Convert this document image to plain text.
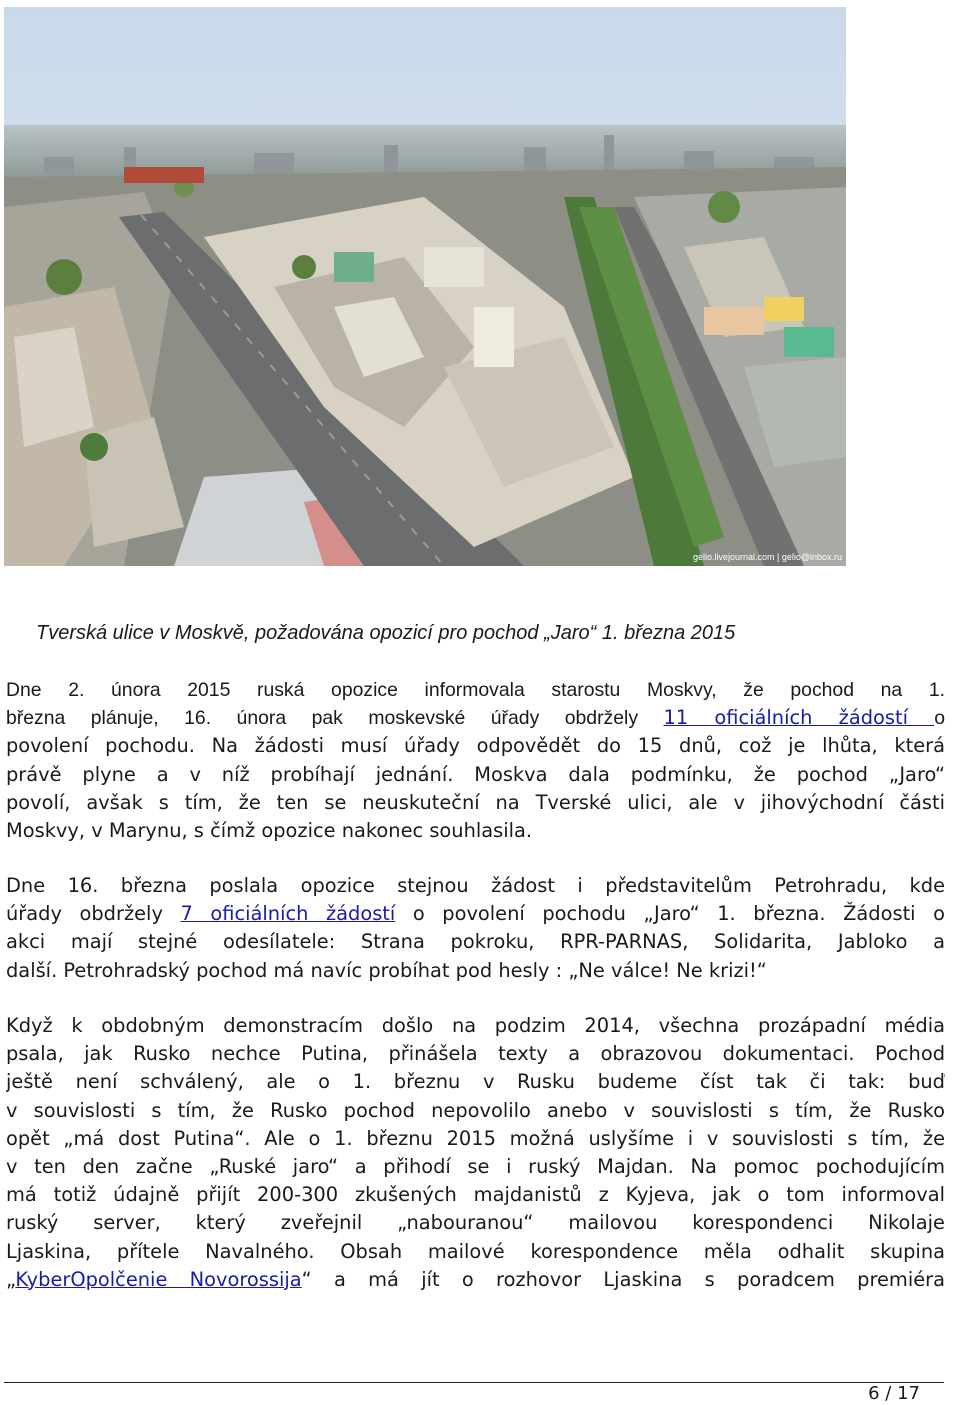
gelio.livejournal.com | gelio@inbox.ru
Tverská ulice v Moskvě, požadována opozicí pro pochod „Jaro“ 1. března 2015
Dne 2. února 2015 ruská opozice informovala starostu Moskvy, že pochod na 1.
března plánuje, 16. února pak moskevské úřady obdržely 11 oficiálních žádostí o
povolení pochodu. Na žádosti musí úřady odpovědět do 15 dnů, což je lhůta, která
právě plyne a v níž probíhají jednání. Moskva dala podmínku, že pochod „Jaro“
povolí, avšak s tím, že ten se neuskuteční na Tverské ulici, ale v jihovýchodní části
Moskvy, v Marynu, s čímž opozice nakonec souhlasila.
Dne 16. března poslala opozice stejnou žádost i představitelům Petrohradu, kde
úřady obdržely 7 oficiálních žádostí o povolení pochodu „Jaro“ 1. března. Žádosti o
akci mají stejné odesílatele: Strana pokroku, RPR-PARNAS, Solidarita, Jabloko a
další. Petrohradský pochod má navíc probíhat pod hesly : „Ne válce! Ne krizi!“
Když k obdobným demonstracím došlo na podzim 2014, všechna prozápadní média
psala, jak Rusko nechce Putina, přinášela texty a obrazovou dokumentaci. Pochod
ještě není schválený, ale o 1. březnu v Rusku budeme číst tak či tak: buď
v souvislosti s tím, že Rusko pochod nepovolilo anebo v souvislosti s tím, že Rusko
opět „má dost Putina“. Ale o 1. březnu 2015 možná uslyšíme i v souvislosti s tím, že
v ten den začne „Ruské jaro“ a přihodí se i ruský Majdan. Na pomoc pochodujícím
má totiž údajně přijít 200-300 zkušených majdanistů z Kyjeva, jak o tom informoval
ruský server, který zveřejnil „nabouranou“ mailovou korespondenci Nikolaje
Ljaskina, přítele Navalného. Obsah mailové korespondence měla odhalit skupina
„KyberOpolčenie Novorossija“ a má jít o rozhovor Ljaskina s poradcem premiéra
6 / 17
